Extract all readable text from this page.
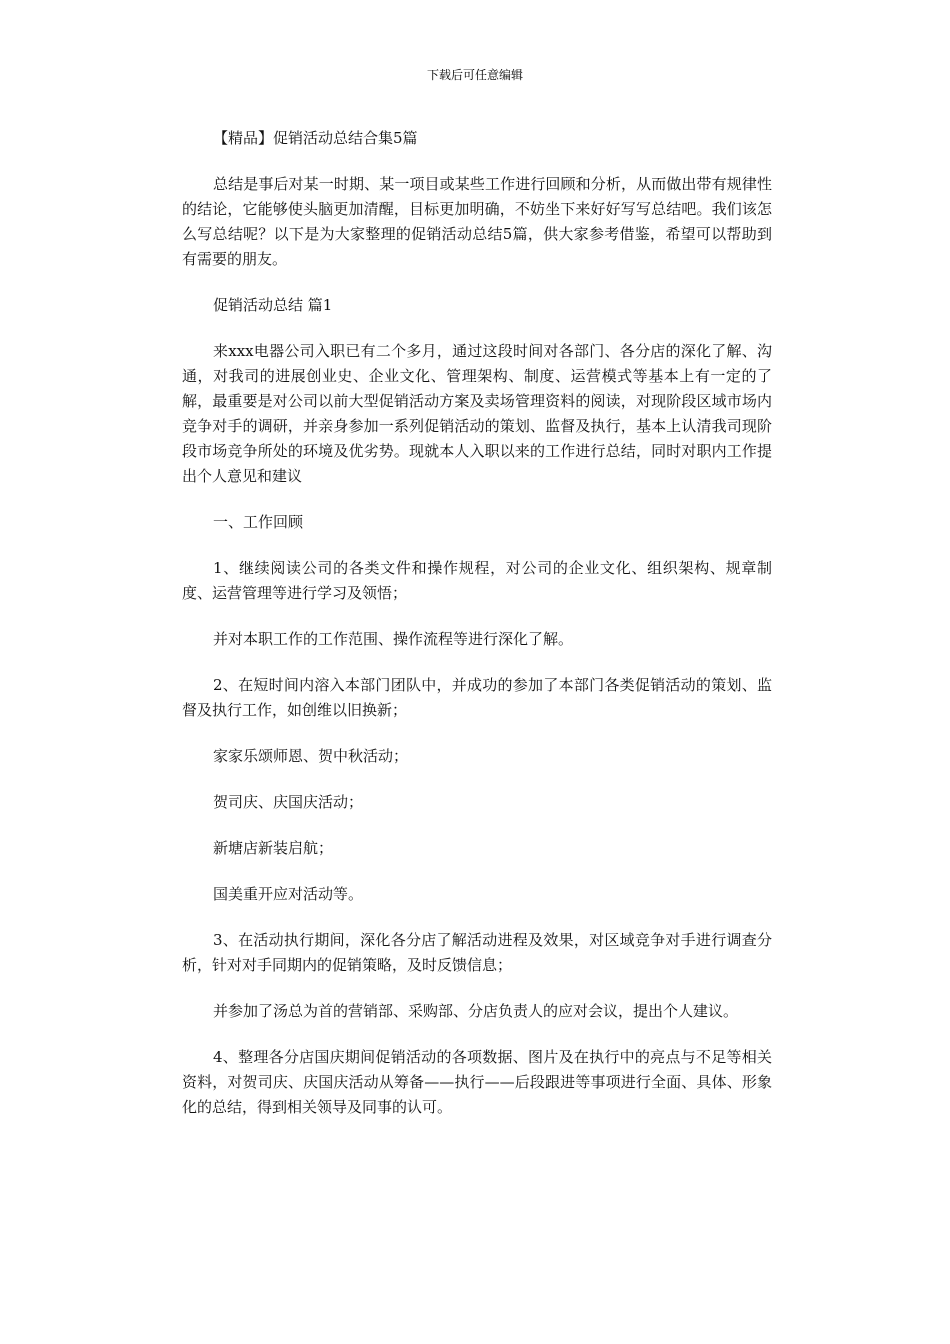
下载后可任意编辑

【精品】促销活动总结合集5篇

总结是事后对某一时期、某一项目或某些工作进行回顾和分析，从而做出带有规律性的结论，它能够使头脑更加清醒，目标更加明确，不妨坐下来好好写写总结吧。我们该怎么写总结呢？以下是为大家整理的促销活动总结5篇，供大家参考借鉴，希望可以帮助到有需要的朋友。

促销活动总结 篇1

来xxx电器公司入职已有二个多月，通过这段时间对各部门、各分店的深化了解、沟通，对我司的进展创业史、企业文化、管理架构、制度、运营模式等基本上有一定的了解，最重要是对公司以前大型促销活动方案及卖场管理资料的阅读，对现阶段区域市场内竞争对手的调研，并亲身参加一系列促销活动的策划、监督及执行，基本上认清我司现阶段市场竞争所处的环境及优劣势。现就本人入职以来的工作进行总结，同时对职内工作提出个人意见和建议

一、工作回顾

1、继续阅读公司的各类文件和操作规程，对公司的企业文化、组织架构、规章制度、运营管理等进行学习及领悟；

并对本职工作的工作范围、操作流程等进行深化了解。

2、在短时间内溶入本部门团队中，并成功的参加了本部门各类促销活动的策划、监督及执行工作，如创维以旧换新；

家家乐颂师恩、贺中秋活动；

贺司庆、庆国庆活动；

新塘店新装启航；

国美重开应对活动等。

3、在活动执行期间，深化各分店了解活动进程及效果，对区域竞争对手进行调查分析，针对对手同期内的促销策略，及时反馈信息；

并参加了汤总为首的营销部、采购部、分店负责人的应对会议，提出个人建议。

4、整理各分店国庆期间促销活动的各项数据、图片及在执行中的亮点与不足等相关资料，对贺司庆、庆国庆活动从筹备——执行——后段跟进等事项进行全面、具体、形象化的总结，得到相关领导及同事的认可。
